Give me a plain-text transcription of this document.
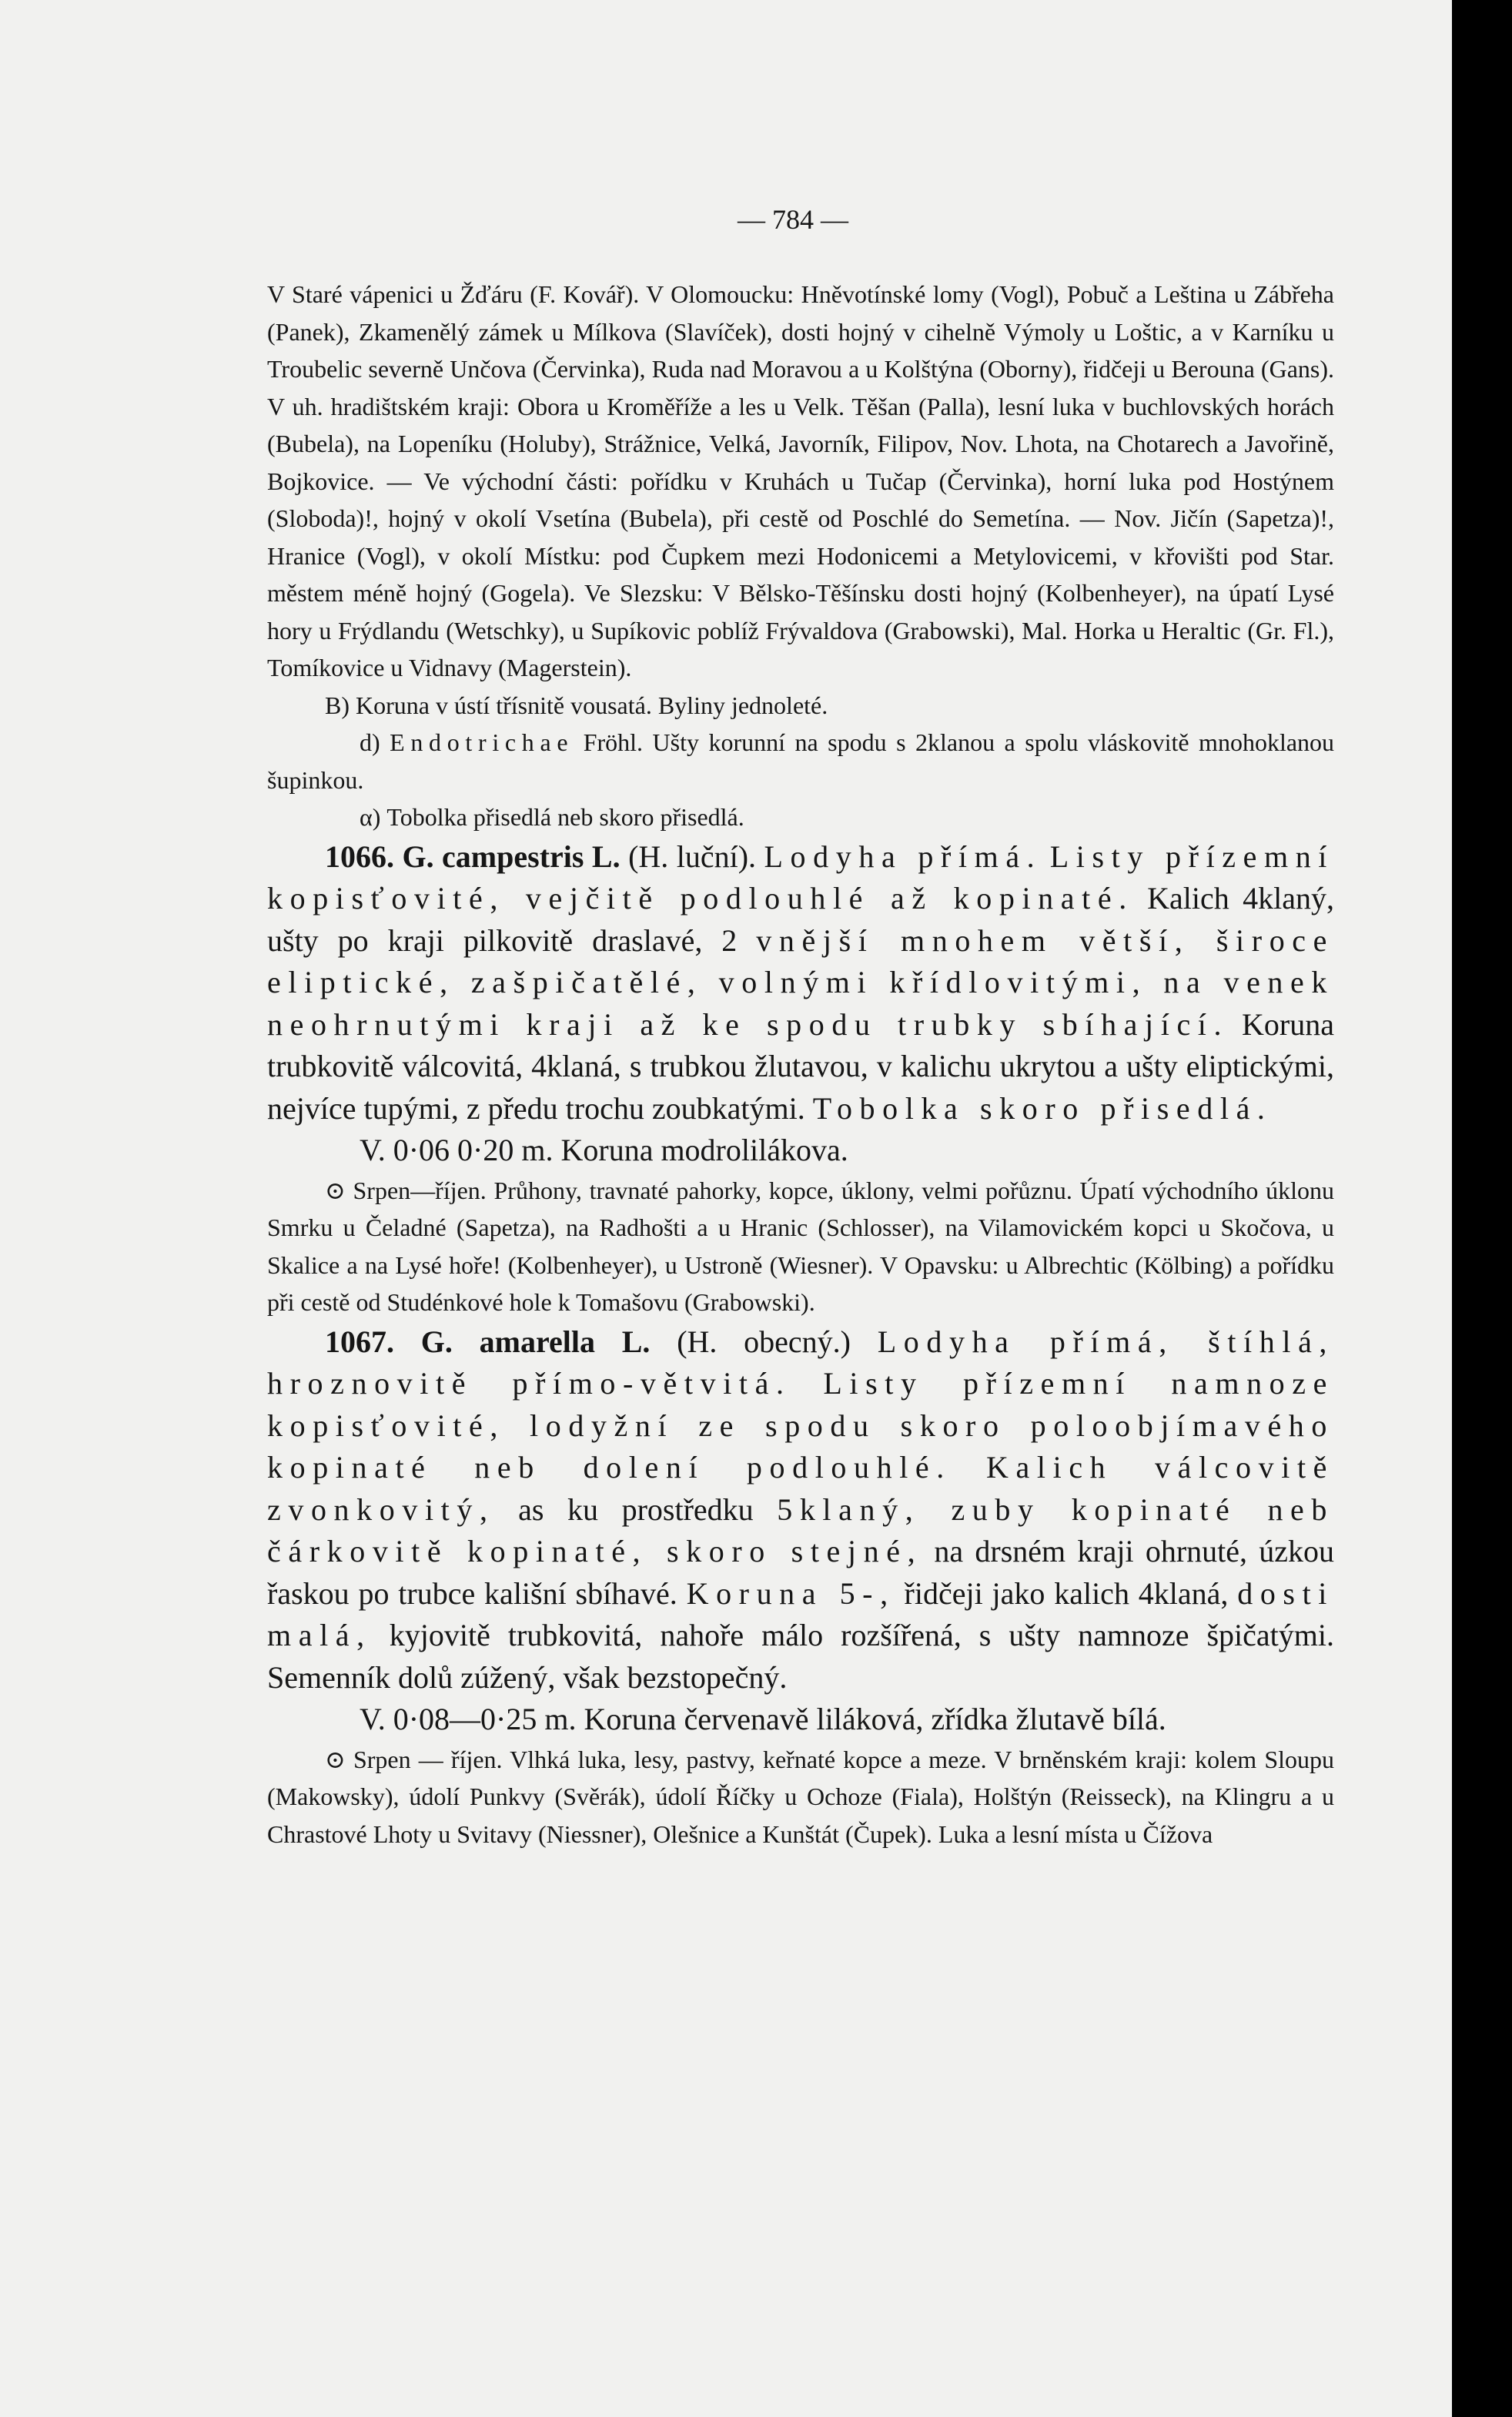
— 784 —

V Staré vápenici u Žďáru (F. Kovář). V Olomoucku: Hněvotínské lomy (Vogl), Pobuč a Leština u Zábřeha (Panek), Zkamenělý zámek u Mílkova (Slavíček), dosti hojný v cihelně Výmoly u Loštic, a v Karníku u Troubelic severně Unčova (Červinka), Ruda nad Moravou a u Kolštýna (Oborny), řidčeji u Berouna (Gans). V uh. hradištském kraji: Obora u Kroměříže a les u Velk. Těšan (Palla), lesní luka v buchlovských horách (Bubela), na Lopeníku (Holuby), Strážnice, Velká, Javorník, Filipov, Nov. Lhota, na Chotarech a Javořině, Bojkovice. — Ve východní části: pořídku v Kruhách u Tučap (Červinka), horní luka pod Hostýnem (Sloboda)!, hojný v okolí Vsetína (Bubela), při cestě od Poschlé do Semetína. — Nov. Jičín (Sapetza)!, Hranice (Vogl), v okolí Místku: pod Čupkem mezi Hodonicemi a Metylovicemi, v křovišti pod Star. městem méně hojný (Gogela). Ve Slezsku: V Bělsko-Těšínsku dosti hojný (Kolbenheyer), na úpatí Lysé hory u Frýdlandu (Wetschky), u Supíkovic poblíž Frývaldova (Grabowski), Mal. Horka u Heraltic (Gr. Fl.), Tomíkovice u Vidnavy (Magerstein).

B) Koruna v ústí třísnitě vousatá. Byliny jednoleté.

d) Endotrichae Fröhl. Ušty korunní na spodu s 2klanou a spolu vláskovitě mnohoklanou šupinkou.

α) Tobolka přisedlá neb skoro přisedlá.

1066. G. campestris L. (H. luční). Lodyha přímá. Listy přízemní kopisťovité, vejčitě podlouhlé až kopinaté. Kalich 4klaný, ušty po kraji pilkovitě draslavé, 2 vnější mnohem větší, široce eliptické, zašpičatělé, volnými křídlovitými, na venek neohrnutými kraji až ke spodu trubky sbíhající. Koruna trubkovitě válcovitá, 4klaná, s trubkou žlutavou, v kalichu ukrytou a ušty eliptickými, nejvíce tupými, z předu trochu zoubkatými. Tobolka skoro přisedlá.

V. 0·06 0·20 m. Koruna modrolilákova.

⊙ Srpen—říjen. Průhony, travnaté pahorky, kopce, úklony, velmi pořůznu. Úpatí východního úklonu Smrku u Čeladné (Sapetza), na Radhošti a u Hranic (Schlosser), na Vilamovickém kopci u Skočova, u Skalice a na Lysé hoře! (Kolbenheyer), u Ustroně (Wiesner). V Opavsku: u Albrechtic (Kölbing) a pořídku při cestě od Studénkové hole k Tomašovu (Grabowski).

1067. G. amarella L. (H. obecný.) Lodyha přímá, štíhlá, hroznovitě přímo-větvitá. Listy přízemní namnoze kopisťovité, lodyžní ze spodu skoro poloobjímavého kopinaté neb dolení podlouhlé. Kalich válcovitě zvonkovitý, as ku prostředku 5klaný, zuby kopinaté neb čárkovitě kopinaté, skoro stejné, na drsném kraji ohrnuté, úzkou řaskou po trubce kališní sbíhavé. Koruna 5-, řidčeji jako kalich 4klaná, dosti malá, kyjovitě trubkovitá, nahoře málo rozšířená, s ušty namnoze špičatými. Semenník dolů zúžený, však bezstopečný.

V. 0·08—0·25 m. Koruna červenavě liláková, zřídka žlutavě bílá.

⊙ Srpen — říjen. Vlhká luka, lesy, pastvy, keřnaté kopce a meze. V brněnském kraji: kolem Sloupu (Makowsky), údolí Punkvy (Svěrák), údolí Říčky u Ochoze (Fiala), Holštýn (Reisseck), na Klingru a u Chrastové Lhoty u Svitavy (Niessner), Olešnice a Kunštát (Čupek). Luka a lesní místa u Čížova
